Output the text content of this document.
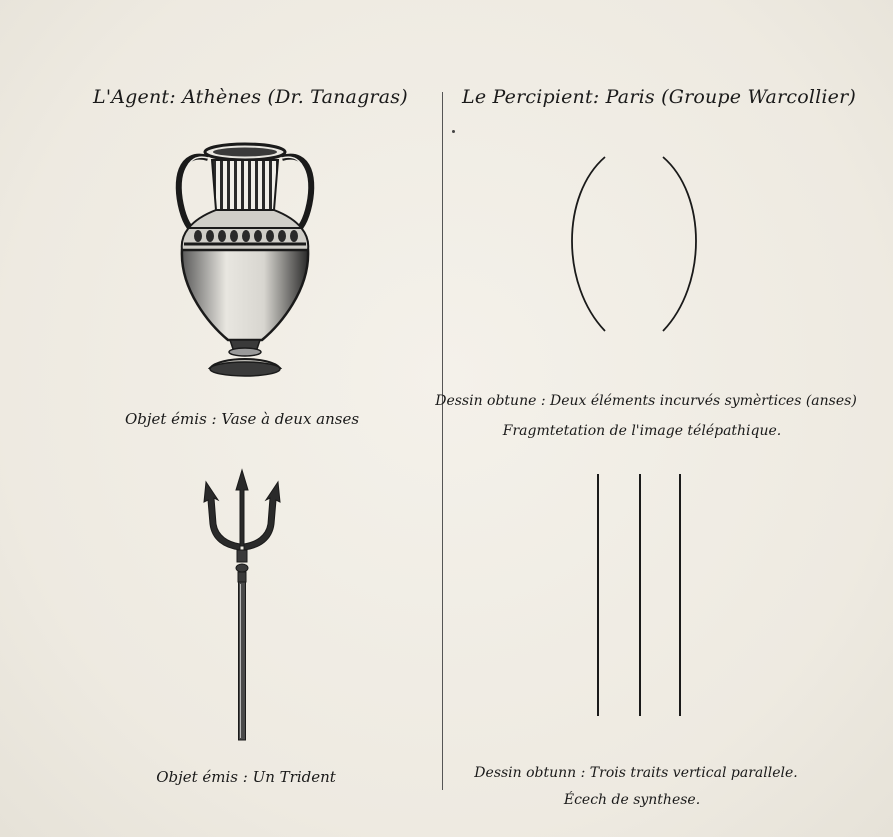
L'Agent: Athènes (Dr. Tanagras)	Le Percipient: Paris (Groupe Warcollier)
Objet émis : Vase à deux anses
Dessin obtune : Deux éléments incurvés symèrtices (anses)
Fragmtetation de l'image télépathique.
Objet émis : Un Trident	Dessin obtunn : Trois traits vertical parallele.
Écech de synthese.
